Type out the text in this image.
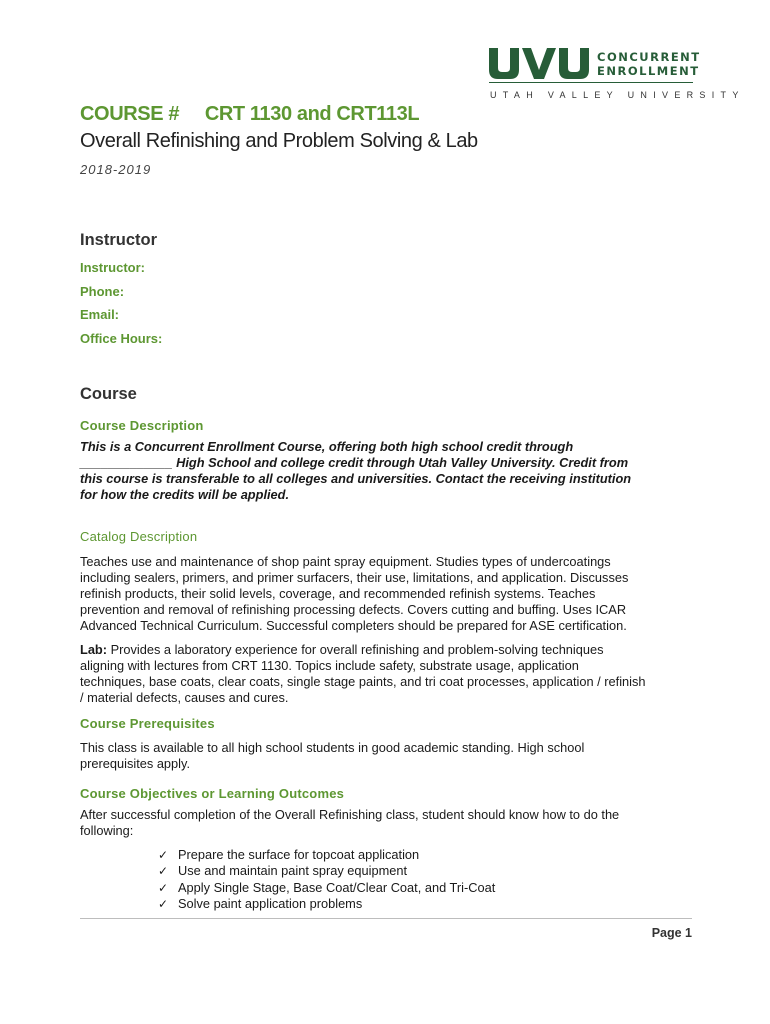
CONCURRENT
ENROLLMENT
UTAH VALLEY UNIVERSITY
COURSE # CRT 1130 and CRT113L
Overall Refinishing and Problem Solving & Lab
2018-2019
Instructor
Instructor:
Phone:
Email:
Office Hours:
Course
Course Description
This is a Concurrent Enrollment Course, offering both high school credit through
_____________ High School and college credit through Utah Valley University. Credit from
this course is transferable to all colleges and universities. Contact the receiving institution
for how the credits will be applied.
Catalog Description
Teaches use and maintenance of shop paint spray equipment. Studies types of undercoatings
including sealers, primers, and primer surfacers, their use, limitations, and application. Discusses
refinish products, their solid levels, coverage, and recommended refinish systems. Teaches
prevention and removal of refinishing processing defects. Covers cutting and buffing. Uses ICAR
Advanced Technical Curriculum. Successful completers should be prepared for ASE certification.
Lab: Provides a laboratory experience for overall refinishing and problem-solving techniques
aligning with lectures from CRT 1130. Topics include safety, substrate usage, application
techniques, base coats, clear coats, single stage paints, and tri coat processes, application / refinish
/ material defects, causes and cures.
Course Prerequisites
This class is available to all high school students in good academic standing. High school
prerequisites apply.
Course Objectives or Learning Outcomes
After successful completion of the Overall Refinishing class, student should know how to do the
following:
✓ Prepare the surface for topcoat application
✓ Use and maintain paint spray equipment
✓ Apply Single Stage, Base Coat/Clear Coat, and Tri-Coat
✓ Solve paint application problems
Page 1
